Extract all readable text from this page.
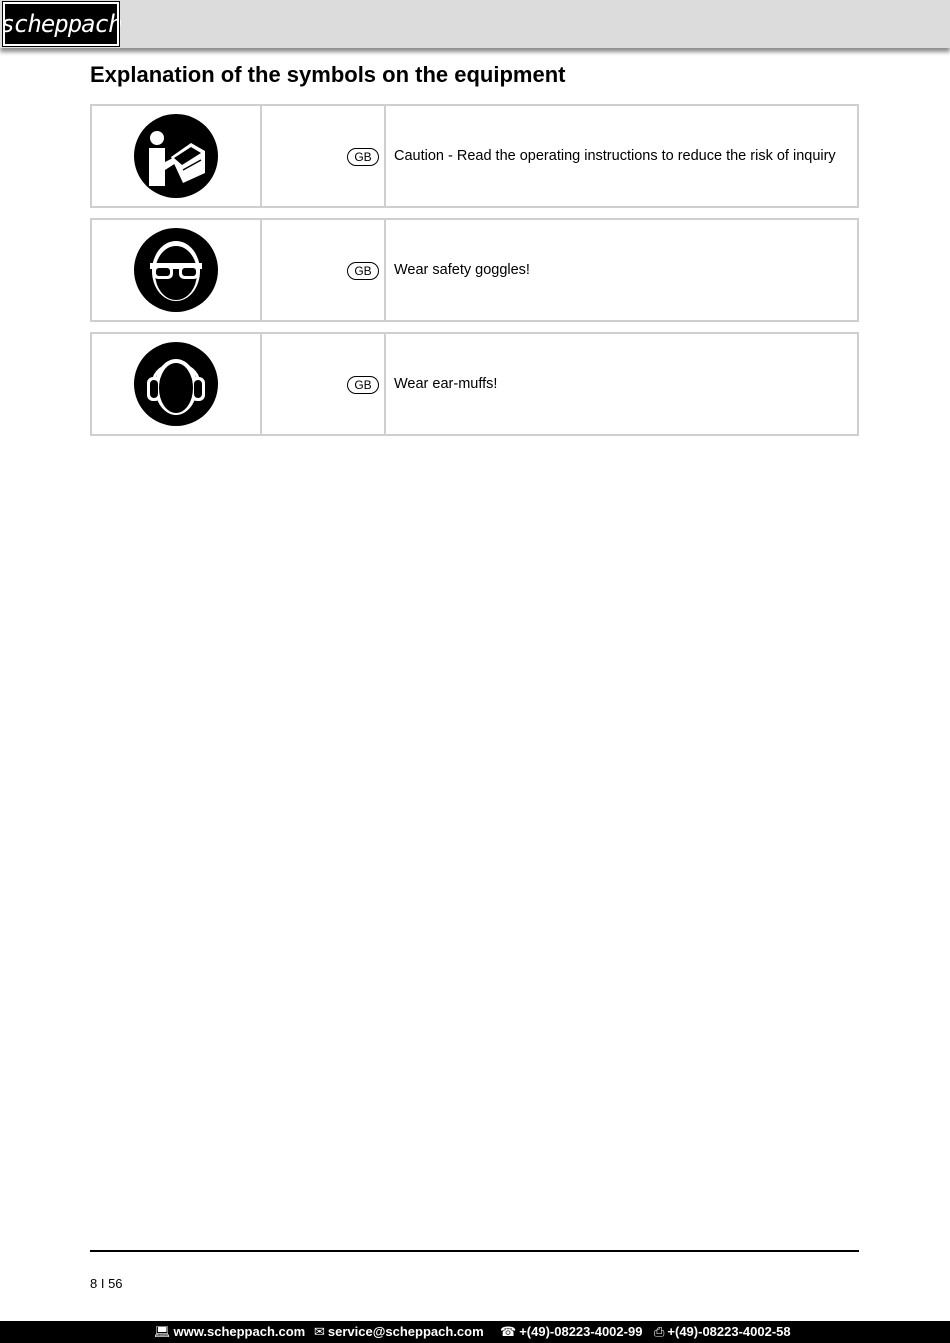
scheppach
Explanation of the symbols on the equipment
GB	Caution - Read the operating instructions to reduce the risk of inquiry
GB	Wear safety goggles!
GB	Wear ear-muffs!
8 I 56
💻︎ www.scheppach.com ✉ service@scheppach.com ☎ +(49)-08223-4002-99 ⎙ +(49)-08223-4002-58
